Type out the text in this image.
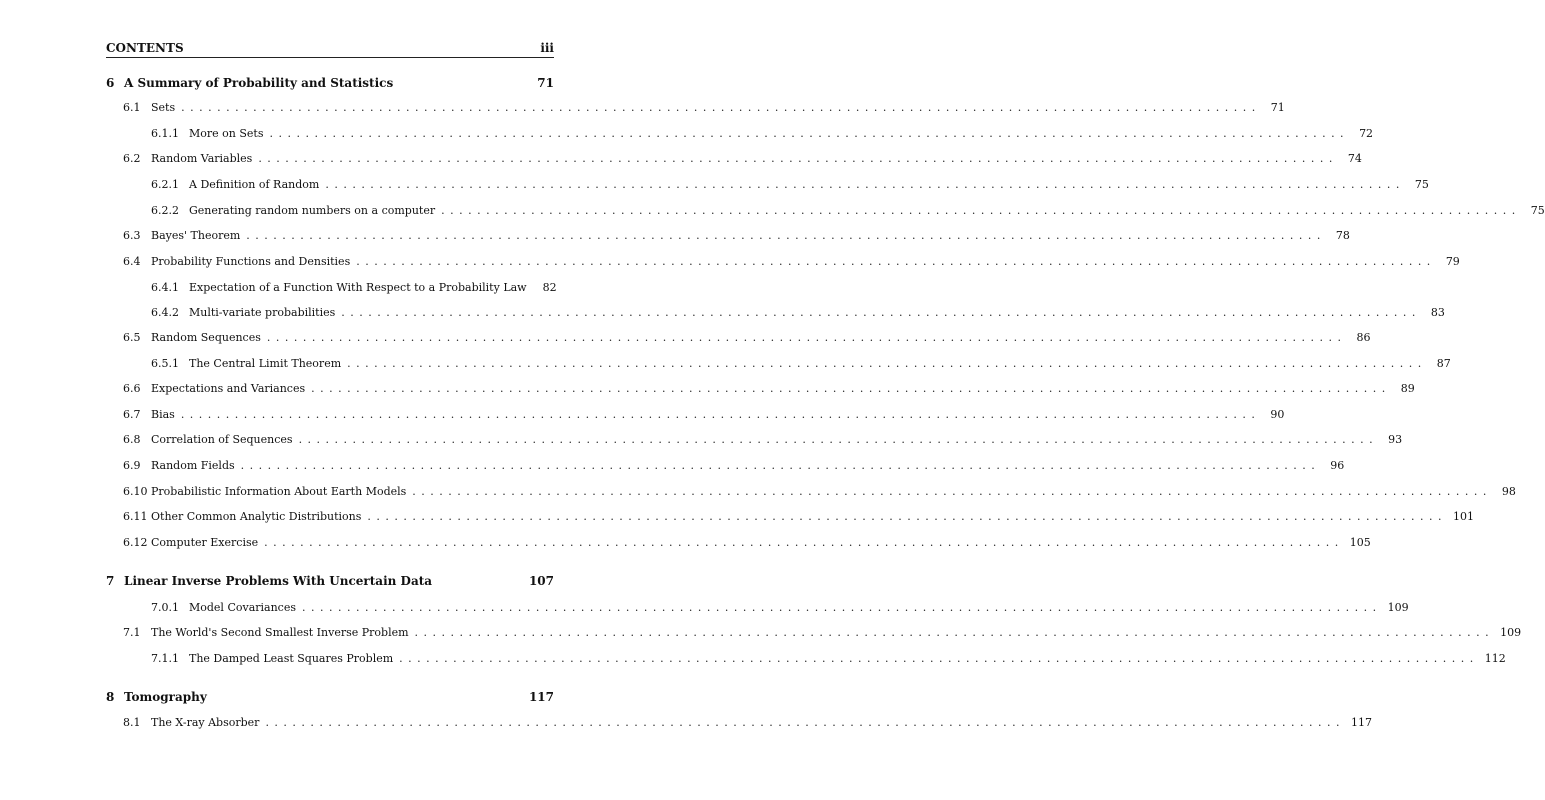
CONTENTS	iii
6 A Summary of Probability and Statistics	71
6.1 Sets ........................................................................................................................ 71
6.1.1 More on Sets ........................................................................................................................ 72
6.2 Random Variables ........................................................................................................................ 74
6.2.1 A Definition of Random ........................................................................................................................ 75
6.2.2 Generating random numbers on a computer ........................................................................................................................ 75
6.3 Bayes' Theorem ........................................................................................................................ 78
6.4 Probability Functions and Densities ........................................................................................................................ 79
6.4.1 Expectation of a Function With Respect to a Probability Law	82
6.4.2 Multi-variate probabilities ........................................................................................................................ 83
6.5 Random Sequences ........................................................................................................................ 86
6.5.1 The Central Limit Theorem ........................................................................................................................ 87
6.6 Expectations and Variances ........................................................................................................................ 89
6.7 Bias ........................................................................................................................ 90
6.8 Correlation of Sequences ........................................................................................................................ 93
6.9 Random Fields ........................................................................................................................ 96
6.10 Probabilistic Information About Earth Models ........................................................................................................................ 98
6.11 Other Common Analytic Distributions ........................................................................................................................ 101
6.12 Computer Exercise ........................................................................................................................ 105
7 Linear Inverse Problems With Uncertain Data	107
7.0.1 Model Covariances ........................................................................................................................ 109
7.1 The World's Second Smallest Inverse Problem ........................................................................................................................ 109
7.1.1 The Damped Least Squares Problem ........................................................................................................................ 112
8 Tomography	117
8.1 The X-ray Absorber ........................................................................................................................ 117
